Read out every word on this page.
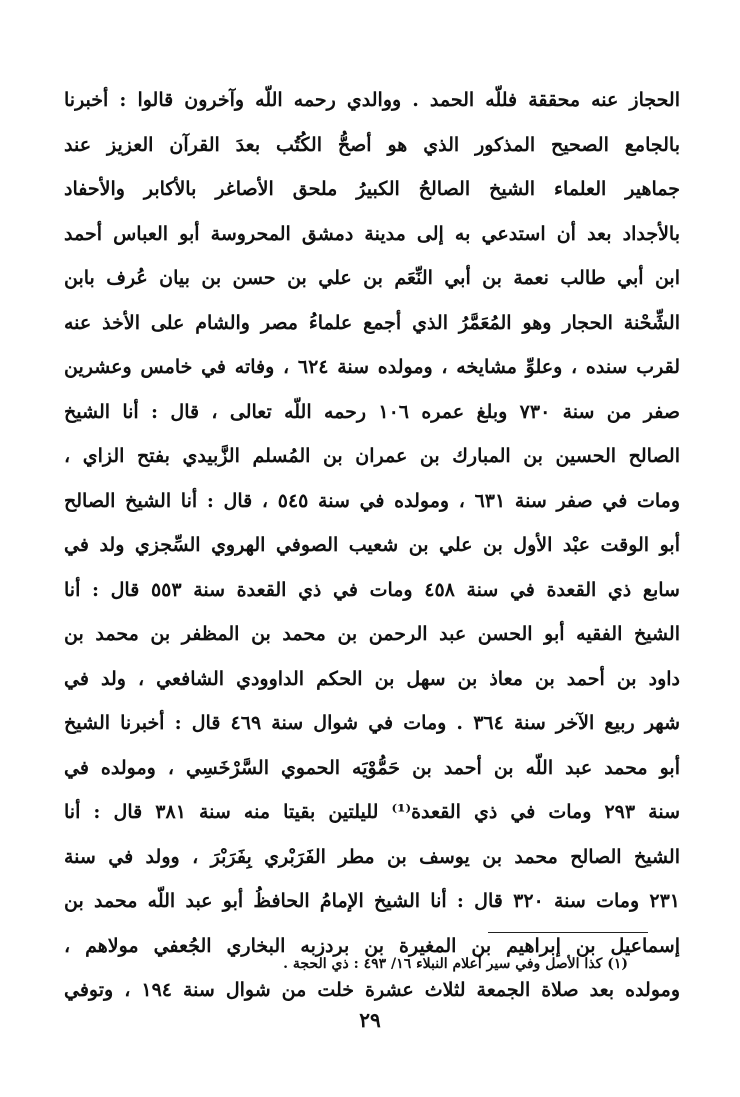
الحجاز عنه محققة فللّه الحمد . ووالدي رحمه اللّه وآخرون قالوا : أخبرنا
بالجامع الصحيح المذكور الذي هو أصحُّ الكُتُب بعدَ القرآن العزيز عند
جماهير العلماء الشيخ الصالحُ الكبيرُ ملحق الأصاغر بالأكابر والأحفاد
بالأجداد بعد أن استدعي به إلى مدينة دمشق المحروسة أبو العباس أحمد
ابن أبي طالب نعمة بن أبي النِّعَم بن علي بن حسن بن بيان عُرف بابن
الشِّحْنة الحجار وهو المُعَمَّرُ الذي أجمع علماءُ مصر والشام على الأخذ عنه
لقرب سنده ، وعلوِّ مشايخه ، ومولده سنة ٦٢٤ ، وفاته في خامس وعشرين
صفر من سنة ٧٣٠ وبلغ عمره ١٠٦ رحمه اللّه تعالى ، قال : أنا الشيخ
الصالح الحسين بن المبارك بن عمران بن المُسلم الزَّبيدي بفتح الزاي ،
ومات في صفر سنة ٦٣١ ، ومولده في سنة ٥٤٥ ، قال : أنا الشيخ الصالح
أبو الوقت عبْد الأول بن علي بن شعيب الصوفي الهروي السِّجزي ولد في
سابع ذي القعدة في سنة ٤٥٨ ومات في ذي القعدة سنة ٥٥٣ قال : أنا
الشيخ الفقيه أبو الحسن عبد الرحمن بن محمد بن المظفر بن محمد بن
داود بن أحمد بن معاذ بن سهل بن الحكم الداوودي الشافعي ، ولد في
شهر ربيع الآخر سنة ٣٦٤ . ومات في شوال سنة ٤٦٩ قال : أخبرنا الشيخ
أبو محمد عبد اللّه بن أحمد بن حَمُّوْيَه الحموي السَّرْخَسِي ، ومولده في
سنة ٢٩٣ ومات في ذي القعدة⁽¹⁾ لليلتين بقيتا منه سنة ٣٨١ قال : أنا
الشيخ الصالح محمد بن يوسف بن مطر الفَرَبْري بِفَرَبْرَ ، وولد في سنة
٢٣١ ومات سنة ٣٢٠ قال : أنا الشيخ الإمامُ الحافظُ أبو عبد اللّه محمد بن
إسماعيل بن إبراهيم بن المغيرة بن بردزبه البخاري الجُعفي مولاهم ،
ومولده بعد صلاة الجمعة لثلاث عشرة خلت من شوال سنة ١٩٤ ، وتوفي
(١) كذا الأصل وفي سير أعلام النبلاء ١٦/ ٤٩٣ : ذي الحجة .
٢٩
